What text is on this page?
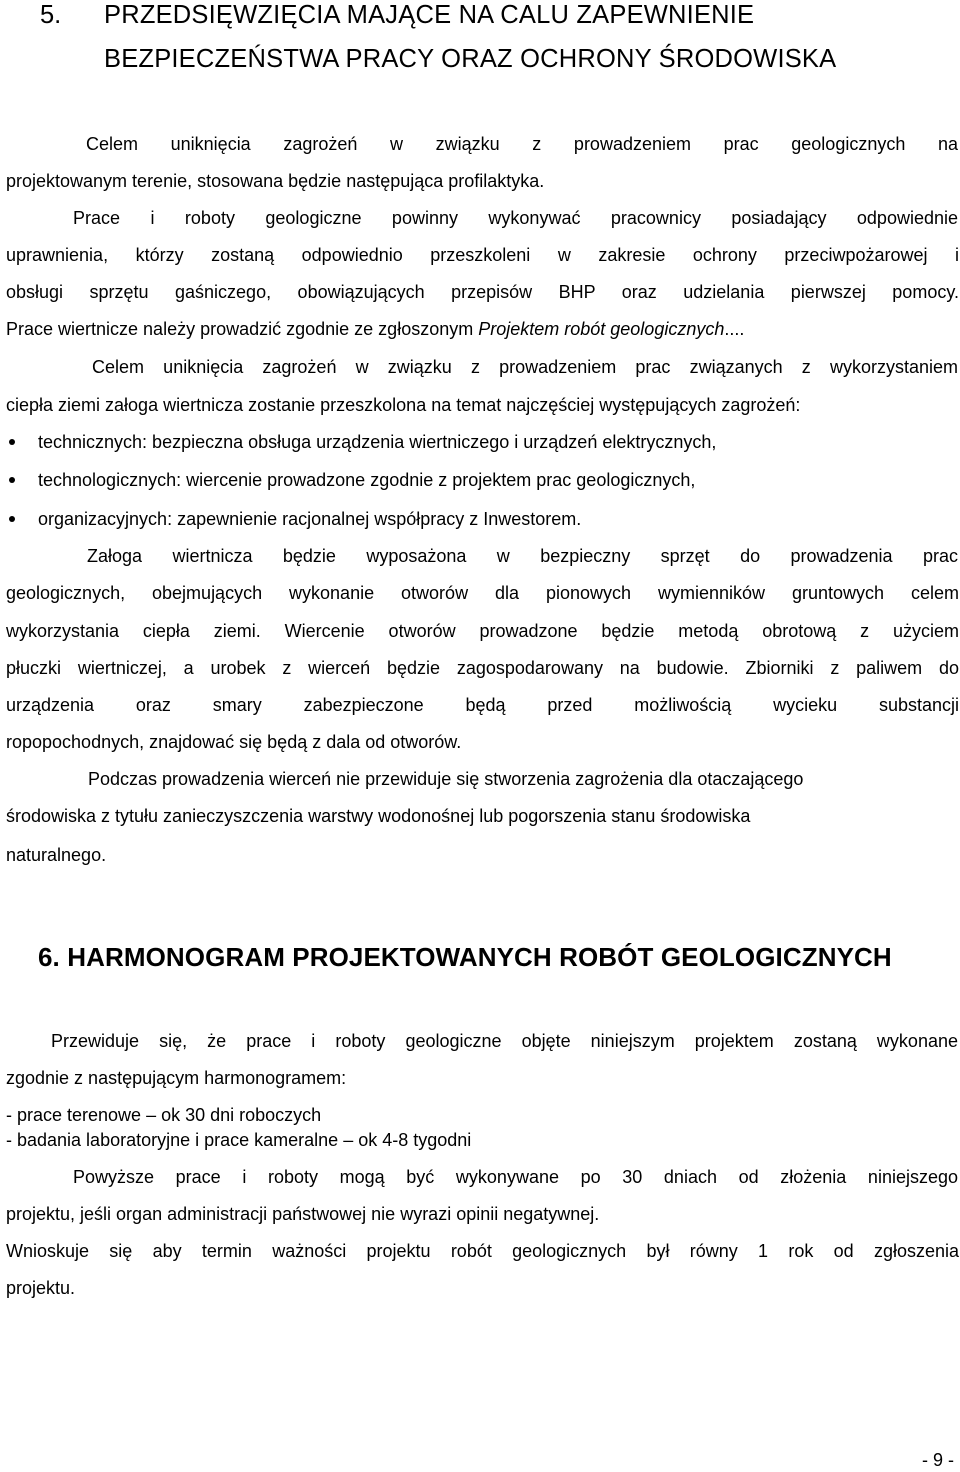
5. PRZEDSIĘWZIĘCIA MAJĄCE NA CALU ZAPEWNIENIE
BEZPIECZEŃSTWA PRACY ORAZ OCHRONY ŚRODOWISKA
Celem uniknięcia zagrożeń w związku z prowadzeniem prac geologicznych na
projektowanym terenie, stosowana będzie następująca profilaktyka.
Prace i roboty geologiczne powinny wykonywać pracownicy posiadający odpowiednie
uprawnienia, którzy zostaną odpowiednio przeszkoleni w zakresie ochrony przeciwpożarowej i
obsługi sprzętu gaśniczego, obowiązujących przepisów BHP oraz udzielania pierwszej pomocy.
Prace wiertnicze należy prowadzić zgodnie ze zgłoszonym Projektem robót geologicznych....
Celem uniknięcia zagrożeń w związku z prowadzeniem prac związanych z wykorzystaniem
ciepła ziemi załoga wiertnicza zostanie przeszkolona na temat najczęściej występujących zagrożeń:
technicznych: bezpieczna obsługa urządzenia wiertniczego i urządzeń elektrycznych,
technologicznych: wiercenie prowadzone zgodnie z projektem prac geologicznych,
organizacyjnych: zapewnienie racjonalnej współpracy z Inwestorem.
Załoga wiertnicza będzie wyposażona w bezpieczny sprzęt do prowadzenia prac
geologicznych, obejmujących wykonanie otworów dla pionowych wymienników gruntowych celem
wykorzystania ciepła ziemi. Wiercenie otworów prowadzone będzie metodą obrotową z użyciem
płuczki wiertniczej, a urobek z wierceń będzie zagospodarowany na budowie. Zbiorniki z paliwem do
urządzenia oraz smary zabezpieczone będą przed możliwością wycieku substancji
ropopochodnych, znajdować się będą z dala od otworów.
Podczas prowadzenia wierceń nie przewiduje się stworzenia zagrożenia dla otaczającego
środowiska z tytułu zanieczyszczenia warstwy wodonośnej lub pogorszenia stanu środowiska
naturalnego.
6. HARMONOGRAM PROJEKTOWANYCH ROBÓT GEOLOGICZNYCH
Przewiduje się, że prace i roboty geologiczne objęte niniejszym projektem zostaną wykonane
zgodnie z następującym harmonogramem:
- prace terenowe – ok 30 dni roboczych
- badania laboratoryjne i prace kameralne – ok 4-8 tygodni
Powyższe prace i roboty mogą być wykonywane po 30 dniach od złożenia niniejszego
projektu, jeśli organ administracji państwowej nie wyrazi opinii negatywnej.
Wnioskuje się aby termin ważności projektu robót geologicznych był równy 1 rok od zgłoszenia
projektu.
- 9 -
